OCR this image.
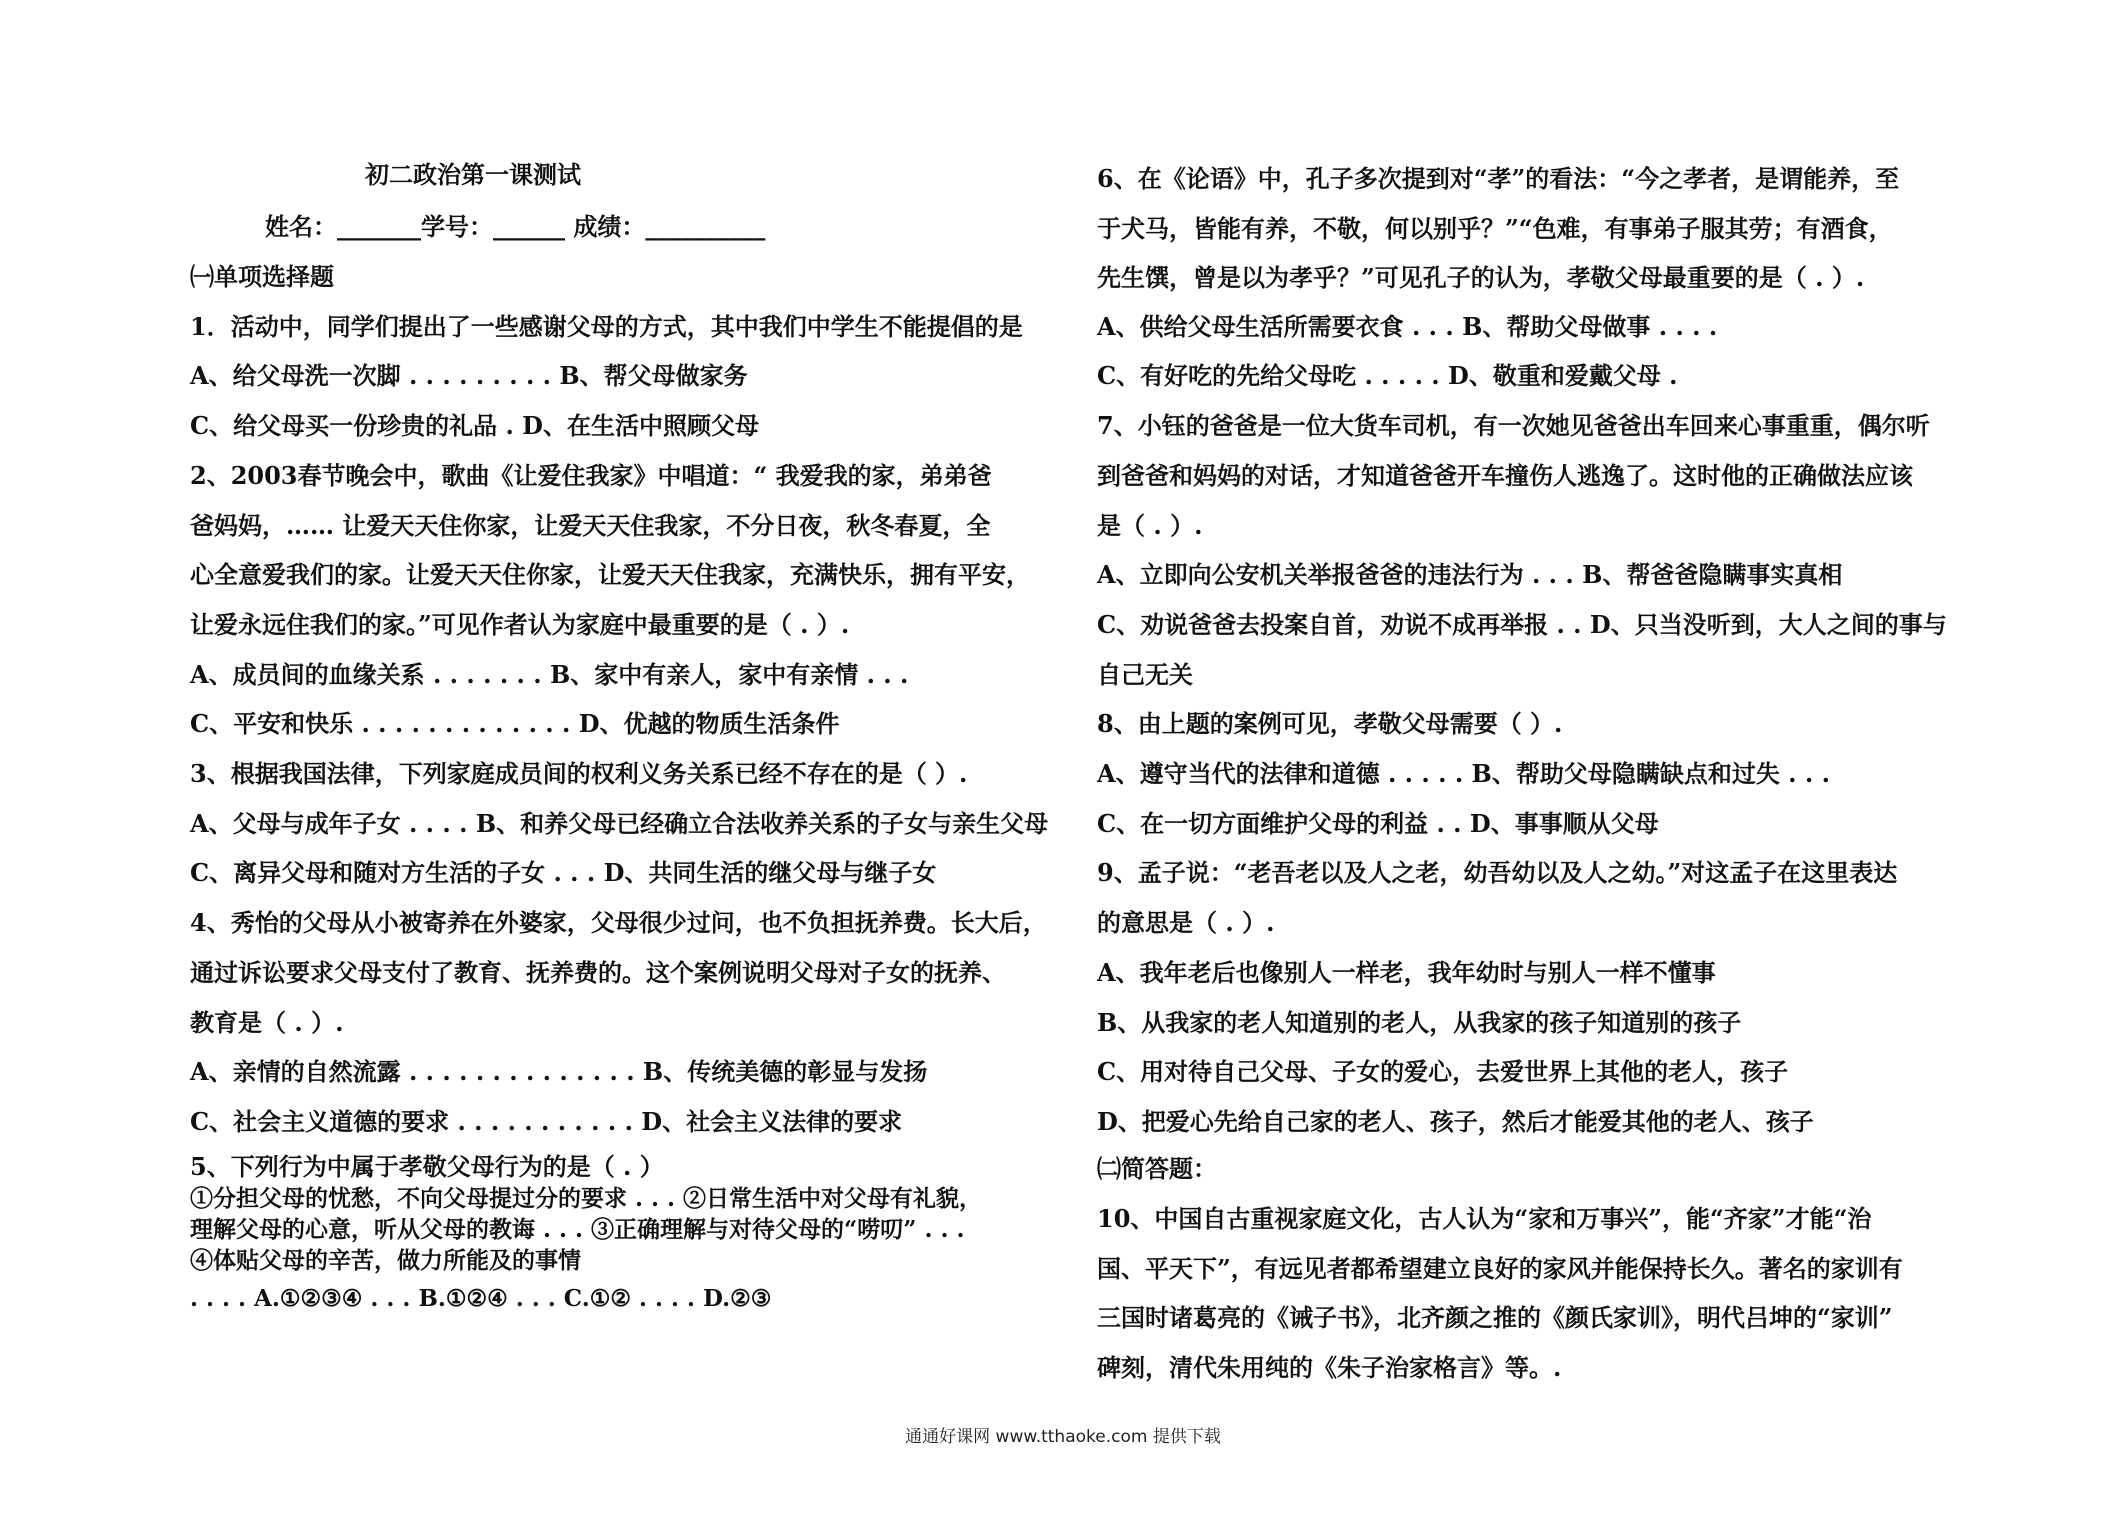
初二政治第一课测试
姓名：_______学号：______ 成绩：__________
㈠单项选择题
1．活动中，同学们提出了一些感谢父母的方式，其中我们中学生不能提倡的是
A、给父母洗一次脚 . . . . . . . . . B、帮父母做家务
C、给父母买一份珍贵的礼品 . D、在生活中照顾父母
2、2003春节晚会中，歌曲《让爱住我家》中唱道：“ 我爱我的家，弟弟爸
爸妈妈，…… 让爱天天住你家，让爱天天住我家，不分日夜，秋冬春夏，全
心全意爱我们的家。让爱天天住你家，让爱天天住我家，充满快乐，拥有平安，
让爱永远住我们的家。”可见作者认为家庭中最重要的是（ . ）.
A、成员间的血缘关系 . . . . . . . B、家中有亲人，家中有亲情 . . .
C、平安和快乐 . . . . . . . . . . . . . D、优越的物质生活条件
3、根据我国法律，下列家庭成员间的权利义务关系已经不存在的是（ ）.
A、父母与成年子女 . . . . B、和养父母已经确立合法收养关系的子女与亲生父母
C、离异父母和随对方生活的子女 . . . D、共同生活的继父母与继子女
4、秀怡的父母从小被寄养在外婆家，父母很少过问，也不负担抚养费。长大后，
通过诉讼要求父母支付了教育、抚养费的。这个案例说明父母对子女的抚养、
教育是（ . ）.
A、亲情的自然流露 . . . . . . . . . . . . . . B、传统美德的彰显与发扬
C、社会主义道德的要求 . . . . . . . . . . . D、社会主义法律的要求
5、下列行为中属于孝敬父母行为的是（ . ）
①分担父母的忧愁，不向父母提过分的要求 . . . ②日常生活中对父母有礼貌，
理解父母的心意，听从父母的教诲 . . . ③正确理解与对待父母的“唠叨” . . .
④体贴父母的辛苦，做力所能及的事情
. . . . A.①②③④ . . . B.①②④ . . . C.①② . . . . D.②③
6、在《论语》中，孔子多次提到对“孝”的看法：“今之孝者，是谓能养，至
于犬马，皆能有养，不敬，何以别乎？”“色难，有事弟子服其劳；有酒食，
先生馔，曾是以为孝乎？”可见孔子的认为，孝敬父母最重要的是（ . ）.
A、供给父母生活所需要衣食 . . . B、帮助父母做事 . . . .
C、有好吃的先给父母吃 . . . . . D、敬重和爱戴父母 .
7、小钰的爸爸是一位大货车司机，有一次她见爸爸出车回来心事重重，偶尔听
到爸爸和妈妈的对话，才知道爸爸开车撞伤人逃逸了。这时他的正确做法应该
是（ . ）.
A、立即向公安机关举报爸爸的违法行为 . . . B、帮爸爸隐瞒事实真相
C、劝说爸爸去投案自首，劝说不成再举报 . . D、只当没听到，大人之间的事与
自己无关
8、由上题的案例可见，孝敬父母需要（ ）.
A、遵守当代的法律和道德 . . . . . B、帮助父母隐瞒缺点和过失 . . .
C、在一切方面维护父母的利益 . . D、事事顺从父母
9、孟子说：“老吾老以及人之老，幼吾幼以及人之幼。”对这孟子在这里表达
的意思是（ . ）.
A、我年老后也像别人一样老，我年幼时与别人一样不懂事
B、从我家的老人知道别的老人，从我家的孩子知道别的孩子
C、用对待自己父母、子女的爱心，去爱世界上其他的老人，孩子
D、把爱心先给自己家的老人、孩子，然后才能爱其他的老人、孩子
㈡简答题：
10、中国自古重视家庭文化，古人认为“家和万事兴”，能“齐家”才能“治
国、平天下”，有远见者都希望建立良好的家风并能保持长久。著名的家训有
三国时诸葛亮的《诫子书》，北齐颜之推的《颜氏家训》，明代吕坤的“家训”
碑刻，清代朱用纯的《朱子治家格言》等。.
通通好课网 www.tthaoke.com 提供下载
